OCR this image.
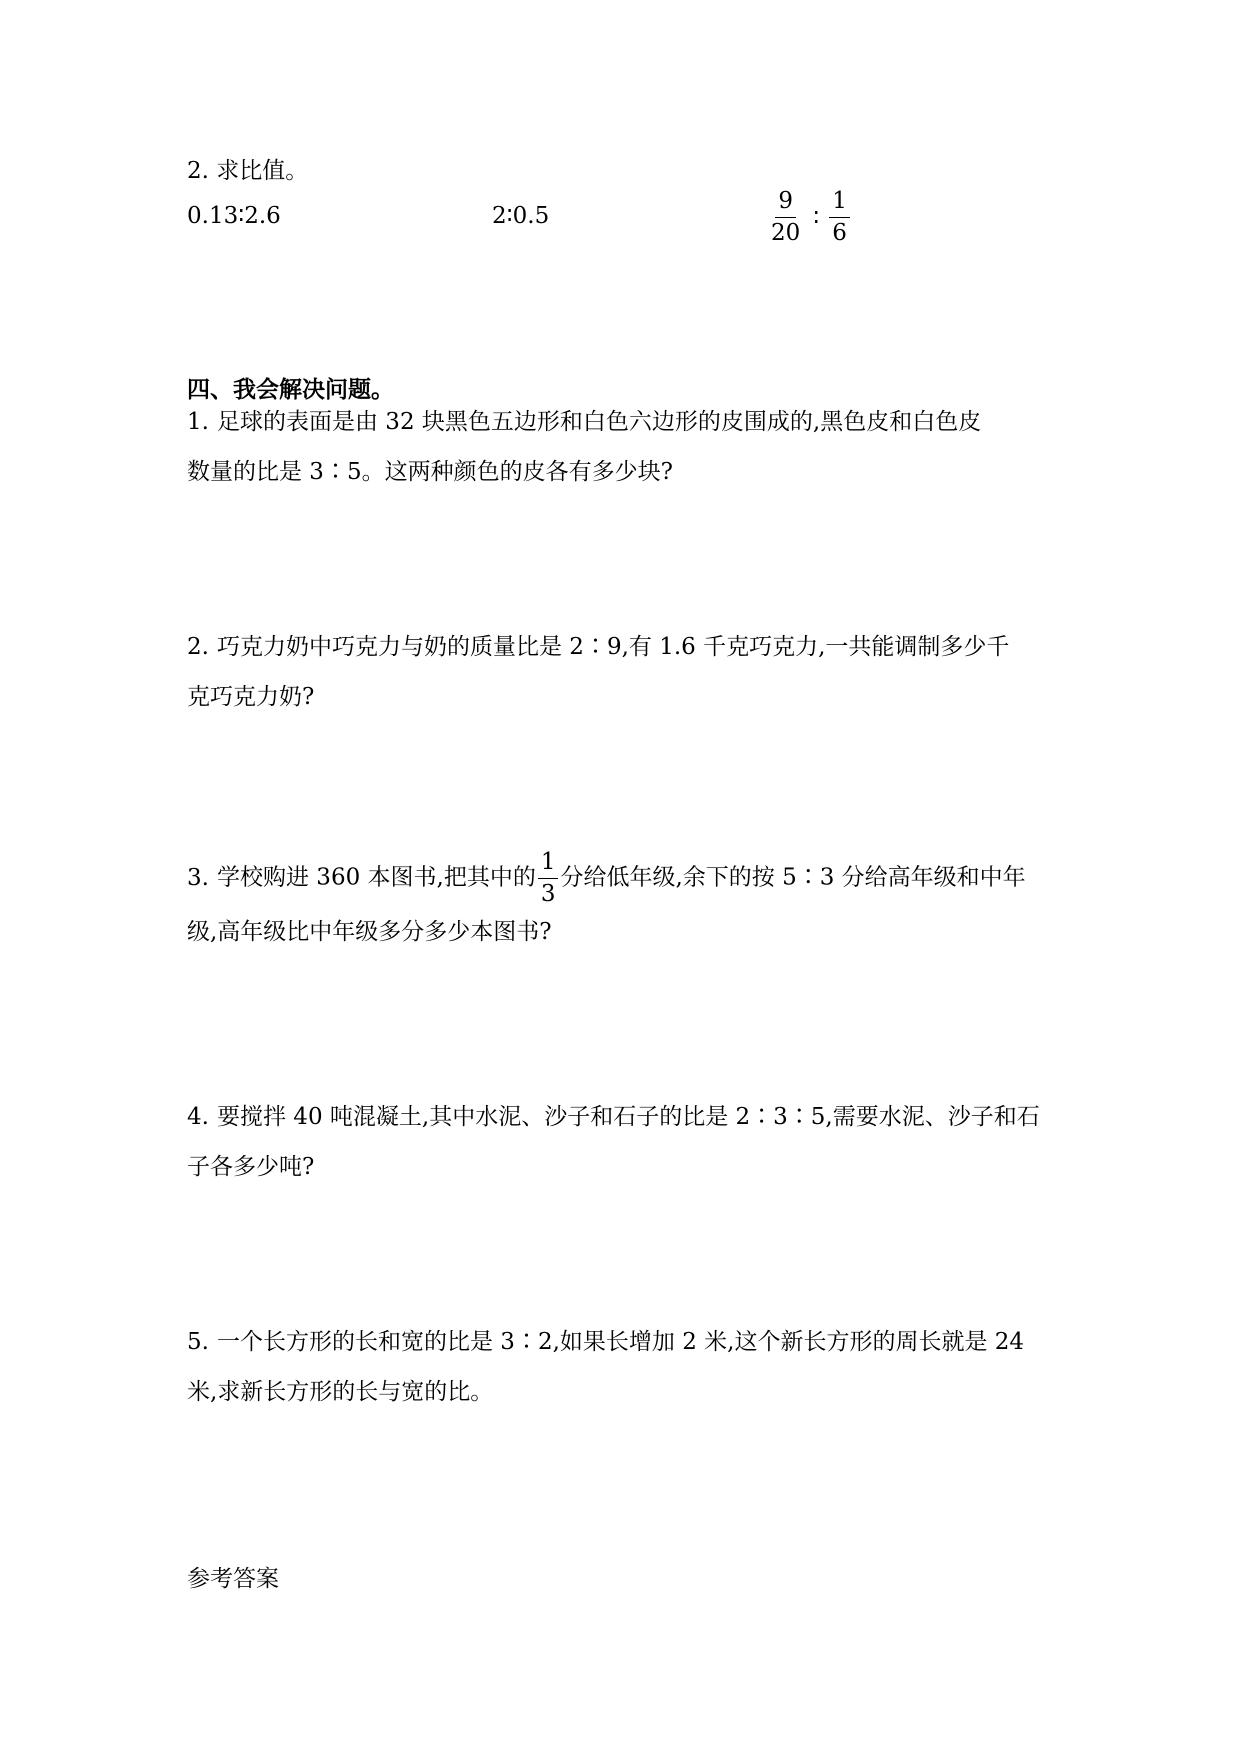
2. 求比值。
0.13∶2.6	2∶0.5	$\frac{9}{20}$ ∶ $\frac{1}{6}$
四、我会解决问题。
1. 足球的表面是由 32 块黑色五边形和白色六边形的皮围成的,黑色皮和白色皮
数量的比是 3∶5。这两种颜色的皮各有多少块?
2. 巧克力奶中巧克力与奶的质量比是 2∶9,有 1.6 千克巧克力,一共能调制多少千
克巧克力奶?
3. 学校购进 360 本图书,把其中的 $\frac{1}{3}$ 分给低年级,余下的按 5∶3 分给高年级和中年
级,高年级比中年级多分多少本图书?
4. 要搅拌 40 吨混凝土,其中水泥、沙子和石子的比是 2∶3∶5,需要水泥、沙子和石
子各多少吨?
5. 一个长方形的长和宽的比是 3∶2,如果长增加 2 米,这个新长方形的周长就是 24
米,求新长方形的长与宽的比。
参考答案
